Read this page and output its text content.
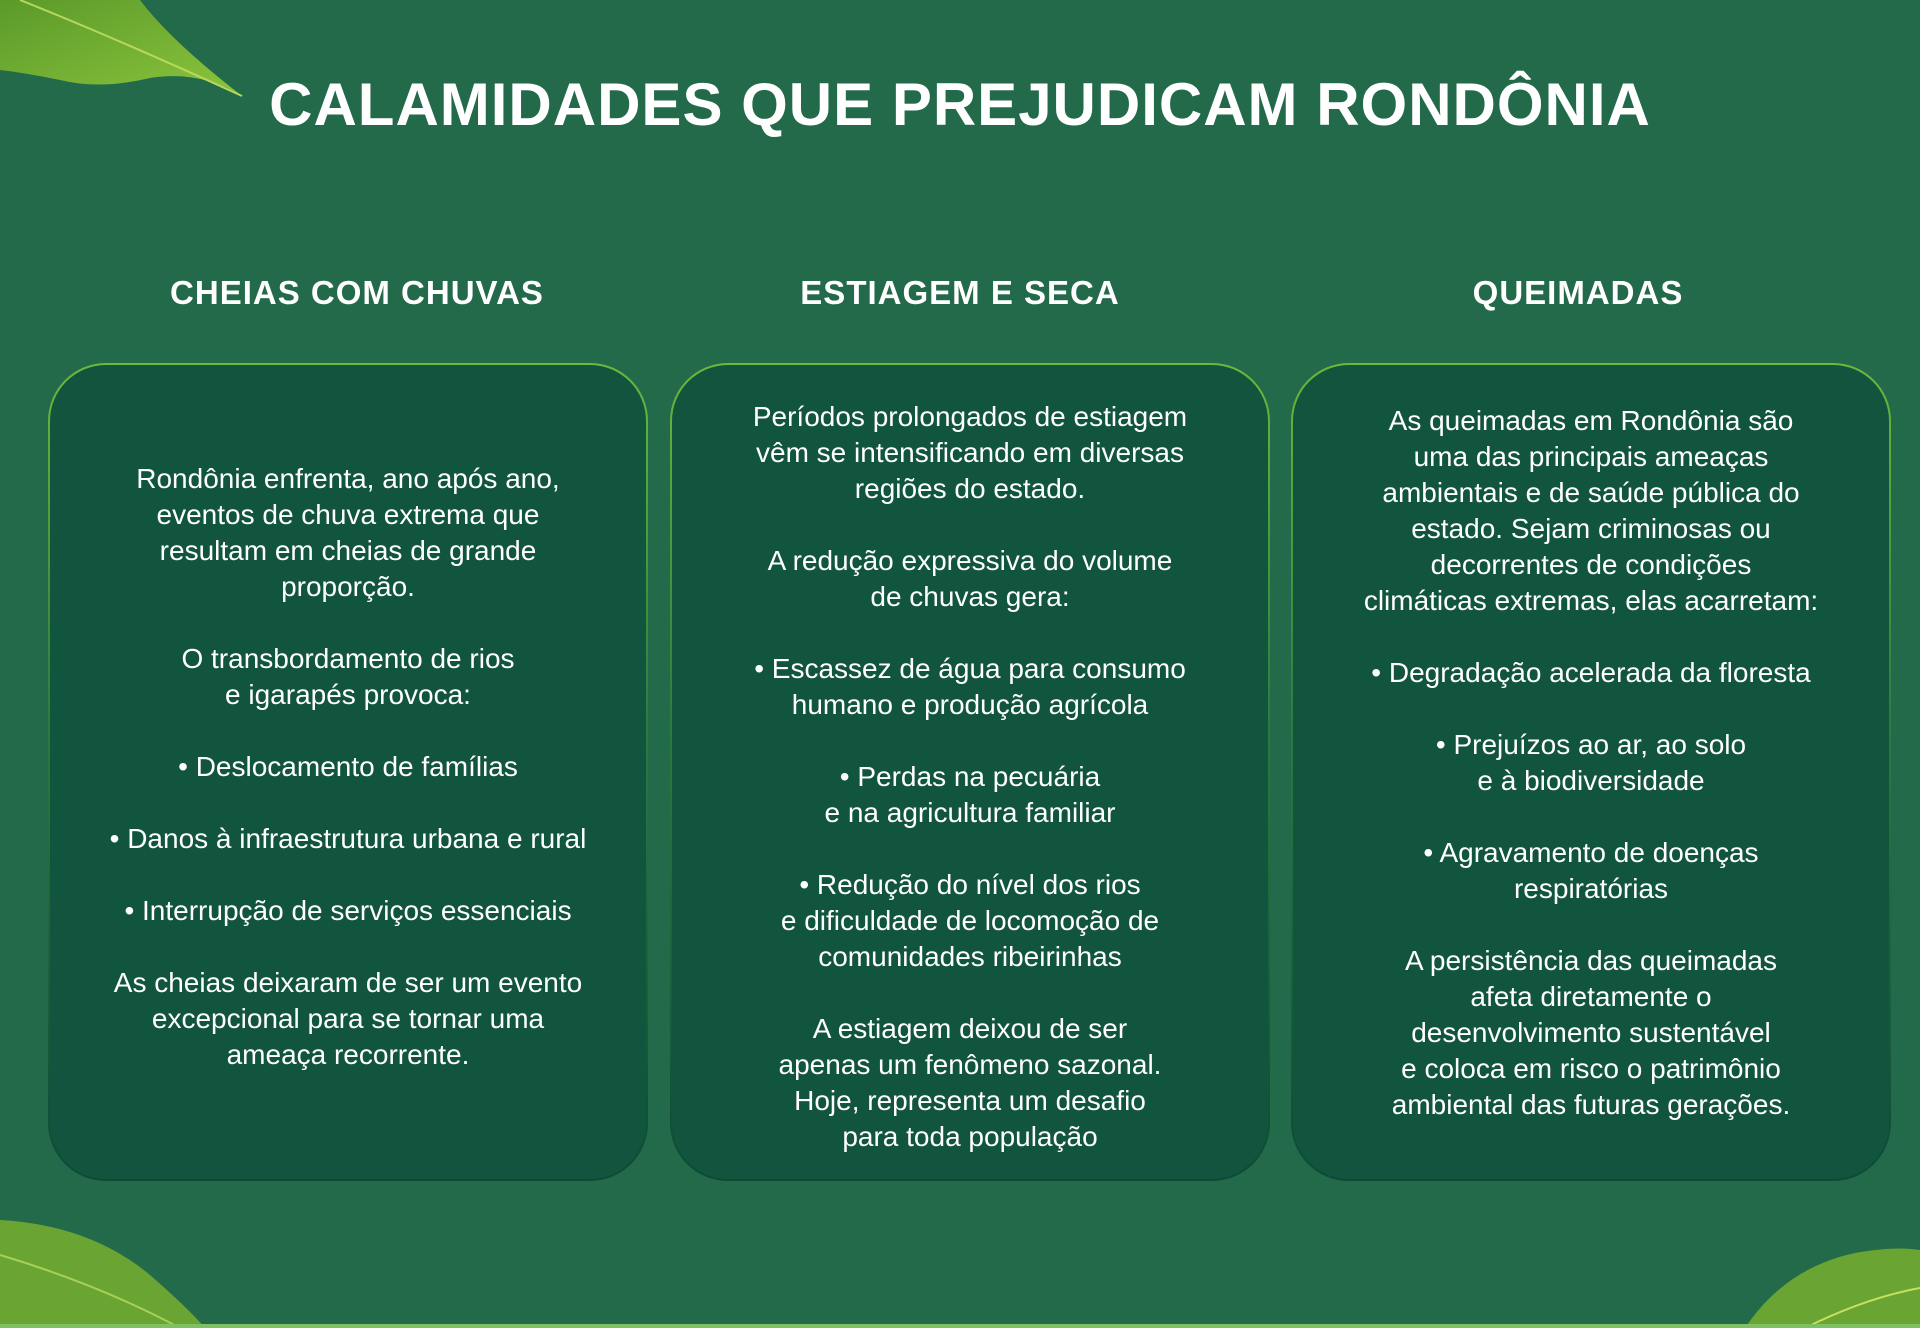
CALAMIDADES QUE PREJUDICAM RONDÔNIA
CHEIAS COM CHUVAS	ESTIAGEM E SECA	QUEIMADAS

Rondônia enfrenta, ano após ano,
eventos de chuva extrema que
resultam em cheias de grande
proporção.

O transbordamento de rios
e igarapés provoca:

• Deslocamento de famílias

• Danos à infraestrutura urbana e rural

• Interrupção de serviços essenciais

As cheias deixaram de ser um evento
excepcional para se tornar uma
ameaça recorrente.

Períodos prolongados de estiagem
vêm se intensificando em diversas
regiões do estado.

A redução expressiva do volume
de chuvas gera:

• Escassez de água para consumo
humano e produção agrícola

• Perdas na pecuária
e na agricultura familiar

• Redução do nível dos rios
e dificuldade de locomoção de
comunidades ribeirinhas

A estiagem deixou de ser
apenas um fenômeno sazonal.
Hoje, representa um desafio
para toda população

As queimadas em Rondônia são
uma das principais ameaças
ambientais e de saúde pública do
estado. Sejam criminosas ou
decorrentes de condições
climáticas extremas, elas acarretam:

• Degradação acelerada da floresta

• Prejuízos ao ar, ao solo
e à biodiversidade

• Agravamento de doenças
respiratórias

A persistência das queimadas
afeta diretamente o
desenvolvimento sustentável
e coloca em risco o patrimônio
ambiental das futuras gerações.
